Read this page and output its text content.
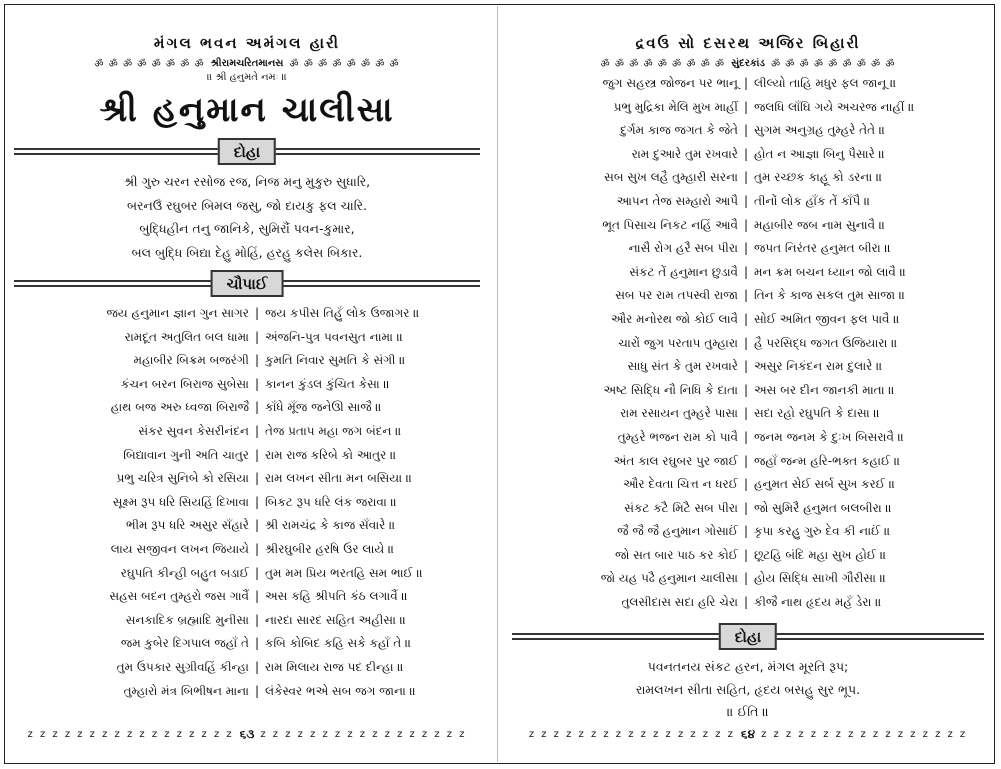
મંગલ ભવન અમંગલ હારી
ॐ ॐ ॐ ॐ ॐ ॐ ॐ ॐ શ્રીરામચરિતમાનસ ॐ ॐ ॐ ॐ ॐ ॐ ॐ ॐ
॥ શ્રી હનુમતે નમઃ ॥
શ્રી હનુમાન ચાલીસા
દોહા
શ્રી ગુરુ ચરન રસોજ રજ, નિજ મનુ મુકુરુ સુધારિ,
બરનઉઁ રઘુબર બિમલ જસુ, જો દાયકુ ફલ ચારિ.
બુદ્ધિહીન તનુ જાનિકે, સુમિરૌં પવન-કુમાર,
બલ બુદ્ધિ બિદ્યા દેહુ મોહિં, હરહુ કલેસ બિકાર.
ચૌપાઈ
જય હનુમાન જ્ઞાન ગુન સાગર | જય કપીસ તિહુઁ લોક ઉજાગર ॥
રામદૂત અતુલિત બલ ધામા | અંજનિ-પુત્ર પવનસુત નામા ॥
મહાબીર બિક્રમ બજરંગી | કુમતિ નિવાર સુમતિ કે સંગી ॥
કંચન બરન બિરાજ સુબેસા | કાનન કુંડલ કુંચિત કેસા ॥
હાથ બજ અરુ ધ્વજા બિરાજૈ | કાઁધે મૂઁજ જનેઊ સાજૈ ॥
સંકર સુવન કેસરીનંદન | તેજ પ્રતાપ મહા જગ બંદન ॥
બિદ્યાવાન ગુની અતિ ચાતુર | રામ રાજ કરિબે કો આતુર ॥
પ્રભુ ચરિત્ર સુનિબે કો રસિયા | રામ લખન સીતા મન બસિયા ॥
સૂક્ષ્મ રૂપ ધરિ સિયહિં દિખાવા | બિકટ રૂપ ધરિ લંક જરાવા ॥
ભીમ રૂપ ધરિ અસુર સઁહારે | શ્રી રામચંદ્ર કે કાજ સઁવારે ॥
લાય સજીવન લખન જિયાયે | શ્રીરઘુબીર હરષિ ઉર લાયે ॥
રઘુપતિ કીન્હી બહુત બડાઈ | તુમ મમ પ્રિય ભરતહિ સમ ભાઈ ॥
સહસ બદન તુમ્હરો જસ ગાવૈં | અસ કહિ શ્રીપતિ કંઠ લગાવૈં ॥
સનકાદિક બ્રહ્માદિ મુનીસા | નારદા સારદ સહિત અહીસા ॥
જમ કુબેર દિગપાલ જહાઁ તે | કબિ કોબિદ કહિ સકે કહાઁ તે ॥
તુમ ઉપકાર સુગ્રીવહિં કીન્હા | રામ મિલાય રાજ પદ દીન્હા ॥
તુમ્હારો મંત્ર બિભીષન માના | લંકેસ્વર ભએ સબ જગ જાના ॥
z z z z z z z z z z z z z z z z z ૬૩ z z z z z z z z z z z z z z z z z
દ્રવઉ સો દસરથ અજિર બિહારી
ॐ ॐ ॐ ॐ ॐ ॐ ॐ ॐ ॐ સુંદરકાંડ ॐ ॐ ॐ ॐ ॐ ॐ ॐ ॐ ॐ
જુગ સહસ્ત્ર જોજન પર ભાનૂ | લીલ્યો તાહિ મધુર ફલ જાનૂ ॥
પ્રભુ મુદ્રિકા મેલિ મુખ માહીં | જલધિ લાઁઘિ ગયે અચરજ નાહીં ॥
દુર્ગમ કાજ જગત કે જેતે | સુગમ અનુગ્રહ તુમ્હરે તેતે ॥
રામ દુઆરે તુમ રખવારે | હોત ન આજ્ઞા બિનુ પૈસારે ॥
સબ સુખ લહૈ તુમ્હારી સરના | તુમ રચ્છક કાહૂ કો ડરના ॥
આપન તેજ સમ્હારો આપૈ | તીનોં લોક હાઁક તેં કાઁપૈ ॥
ભૂત પિસાચ નિકટ નહિં આવૈ | મહાબીર જબ નામ સુનાવૈ ॥
નાસૈ રોગ હરૈ સબ પીરા | જપત નિરંતર હનુમત બીરા ॥
સંકટ તેં હનુમાન છુડાવૈ | મન ક્રમ બચન ધ્યાન જો લાવૈ ॥
સબ પર રામ તપસ્વી રાજા | તિન કે કાજ સકલ તુમ સાજા ॥
ઔર મનોરથ જો કોઈ લાવૈ | સોઈ અમિત જીવન ફલ પાવૈ ॥
ચારોં જુગ પરતાપ તુમ્હારા | હૈ પરસિદ્ધ જગત ઉજિયારા ॥
સાધુ સંત કે તુમ રખવારે | અસુર નિકંદન રામ દુલારે ॥
અષ્ટ સિદ્ધિ નૌ નિધિ કે દાતા | અસ બર દીન જાનકી માતા ॥
રામ રસાયન તુમ્હરે પાસા | સદા રહો રઘુપતિ કે દાસા ॥
તુમ્હરે ભજન રામ કો પાવૈ | જનમ જનમ કે દુઃખ બિસરાવૈ ॥
અંત કાલ રઘુબર પુર જાઈ | જહાઁ જન્મ હરિ-ભક્ત કહાઈ ॥
ઔર દેવતા ચિત્ત ન ધરઈ | હનુમત સેઈ સર્બ સુખ કરઈ ॥
સંકટ કટૈ મિટૈ સબ પીરા | જો સુમિરૈ હનુમત બલબીરા ॥
જૈ જૈ જૈ હનુમાન ગોસાઈં | કૃપા કરહુ ગુરુ દેવ કી નાઈં ॥
જો સત બાર પાઠ કર કોઈ | છૂટહિ બંદિ મહા સુખ હોઈ ॥
જો યહ પઢૈ હનુમાન ચાલીસા | હોય સિદ્ધિ સાખી ગૌરીસા ॥
તુલસીદાસ સદા હરિ ચેરા | કીજૈ નાથ હૃદય મહઁ ડેરા ॥
દોહા
પવનતનય સંકટ હરન, મંગલ મૂરતિ રૂપ;
રામલખન સીતા સહિત, હૃદય બસહુ સુર ભૂપ.
॥ ઈતિ ॥
z z z z z z z z z z z z z z z z z ૬૪ z z z z z z z z z z z z z z z z z
